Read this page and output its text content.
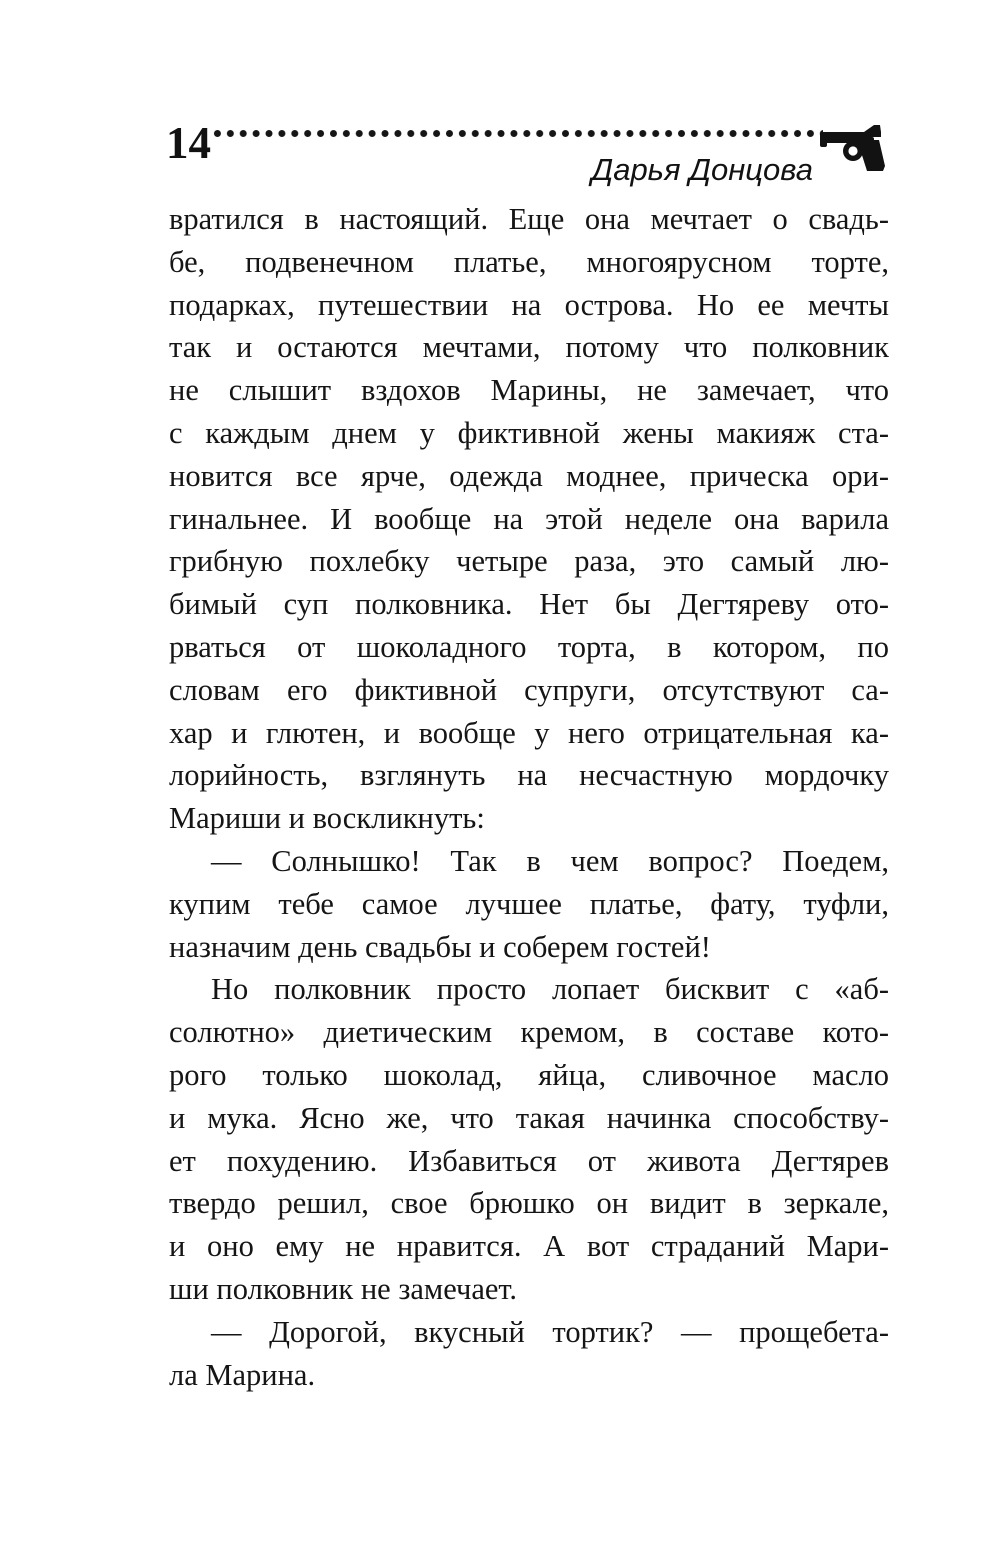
14
Дарья Донцова
вратился в настоящий. Еще она мечтает о свадь-
бе, подвенечном платье, многоярусном торте,
подарках, путешествии на острова. Но ее мечты
так и остаются мечтами, потому что полковник
не слышит вздохов Марины, не замечает, что
с каждым днем у фиктивной жены макияж ста-
новится все ярче, одежда моднее, прическа ори-
гинальнее. И вообще на этой неделе она варила
грибную похлебку четыре раза, это самый лю-
бимый суп полковника. Нет бы Дегтяреву ото-
рваться от шоколадного торта, в котором, по
словам его фиктивной супруги, отсутствуют са-
хар и глютен, и вообще у него отрицательная ка-
лорийность, взглянуть на несчастную мордочку
Мариши и воскликнуть:
— Солнышко! Так в чем вопрос? Поедем,
купим тебе самое лучшее платье, фату, туфли,
назначим день свадьбы и соберем гостей!
Но полковник просто лопает бисквит с «аб-
солютно» диетическим кремом, в составе кото-
рого только шоколад, яйца, сливочное масло
и мука. Ясно же, что такая начинка способству-
ет похудению. Избавиться от живота Дегтярев
твердо решил, свое брюшко он видит в зеркале,
и оно ему не нравится. А вот страданий Мари-
ши полковник не замечает.
— Дорогой, вкусный тортик? — прощебета-
ла Марина.
